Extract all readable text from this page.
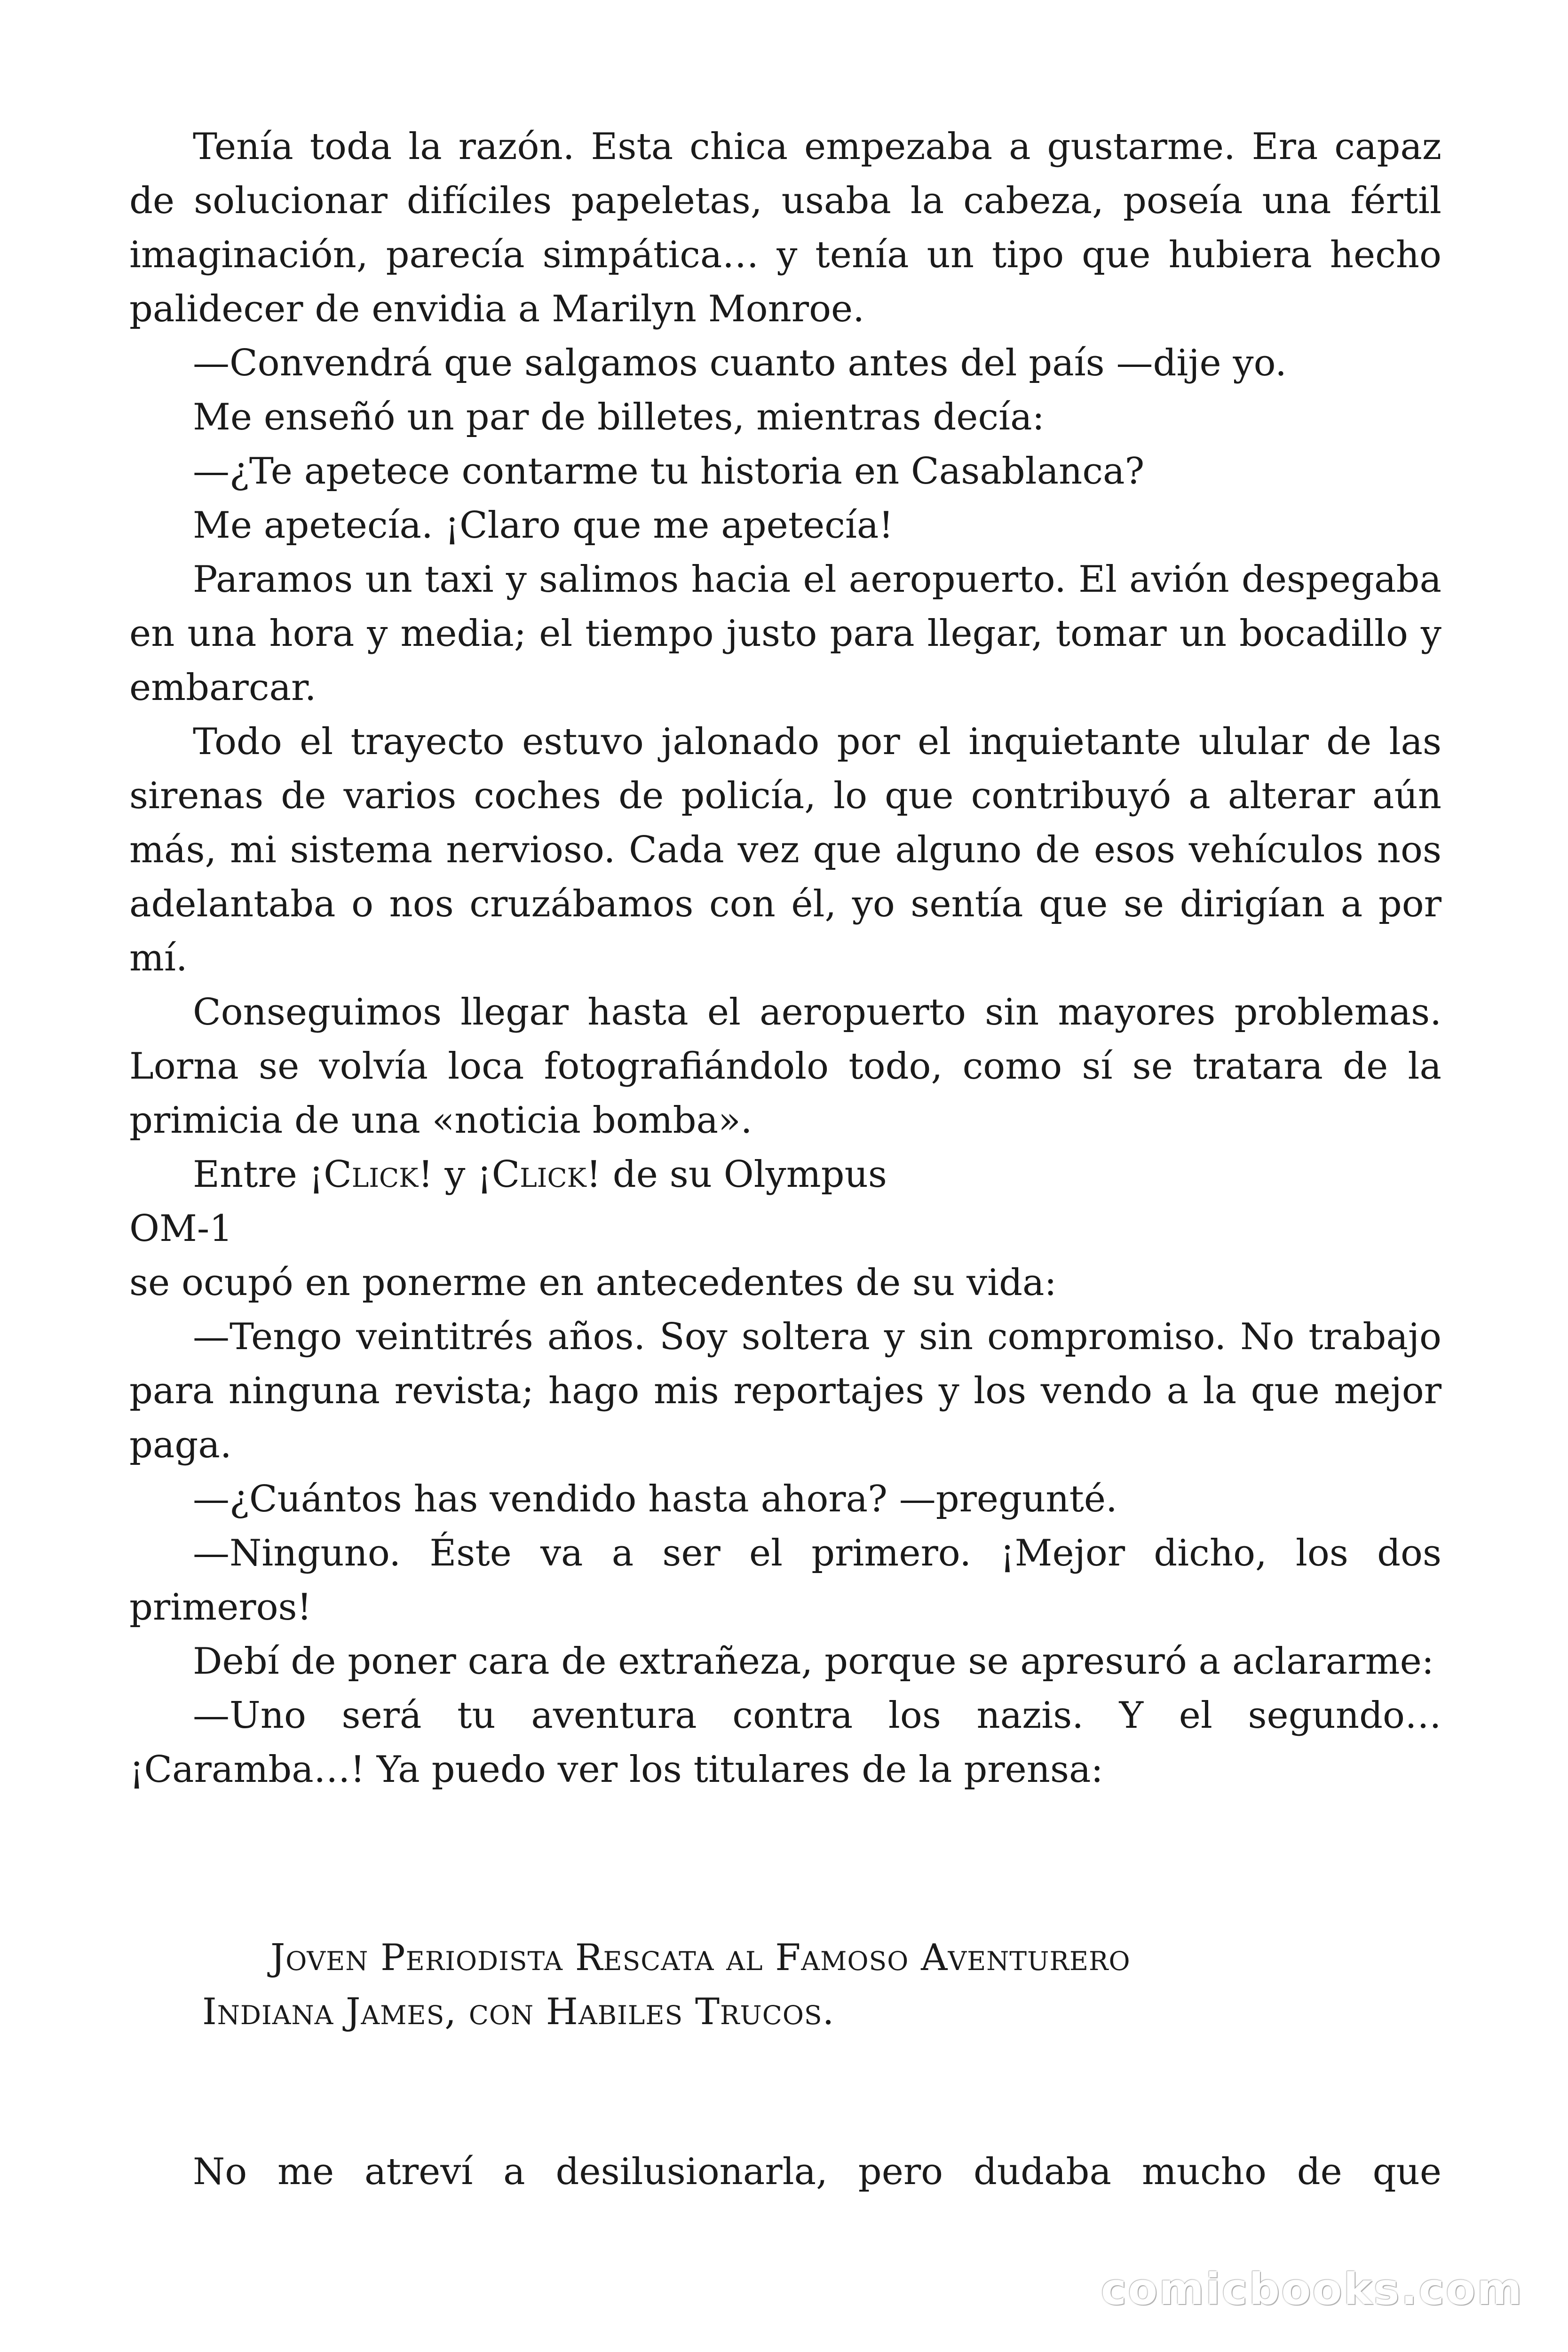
Tenía toda la razón. Esta chica empezaba a gustarme. Era capaz de solucionar difíciles papeletas, usaba la cabeza, poseía una fértil imaginación, parecía simpática… y tenía un tipo que hubiera hecho palidecer de envidia a Marilyn Monroe.

—Convendrá que salgamos cuanto antes del país —dije yo.

Me enseñó un par de billetes, mientras decía:

—¿Te apetece contarme tu historia en Casablanca?

Me apetecía. ¡Claro que me apetecía!

Paramos un taxi y salimos hacia el aeropuerto. El avión despegaba en una hora y media; el tiempo justo para llegar, tomar un bocadillo y embarcar.

Todo el trayecto estuvo jalonado por el inquietante ulular de las sirenas de varios coches de policía, lo que contribuyó a alterar aún más, mi sistema nervioso. Cada vez que alguno de esos vehículos nos adelantaba o nos cruzábamos con él, yo sentía que se dirigían a por mí.

Conseguimos llegar hasta el aeropuerto sin mayores problemas. Lorna se volvía loca fotografiándolo todo, como sí se tratara de la primicia de una «noticia bomba».

Entre ¡Click! y ¡Click! de su Olympus

OM-1

se ocupó en ponerme en antecedentes de su vida:

—Tengo veintitrés años. Soy soltera y sin compromiso. No trabajo para ninguna revista; hago mis reportajes y los vendo a la que mejor paga.

—¿Cuántos has vendido hasta ahora? —pregunté.

—Ninguno. Éste va a ser el primero. ¡Mejor dicho, los dos primeros!

Debí de poner cara de extrañeza, porque se apresuró a aclararme:

—Uno será tu aventura contra los nazis. Y el segundo… ¡Caramba…! Ya puedo ver los titulares de la prensa:

Joven Periodista Rescata al Famoso Aventurero
Indiana James, con Habiles Trucos.

No me atreví a desilusionarla, pero dudaba mucho de que

comicbooks.com
